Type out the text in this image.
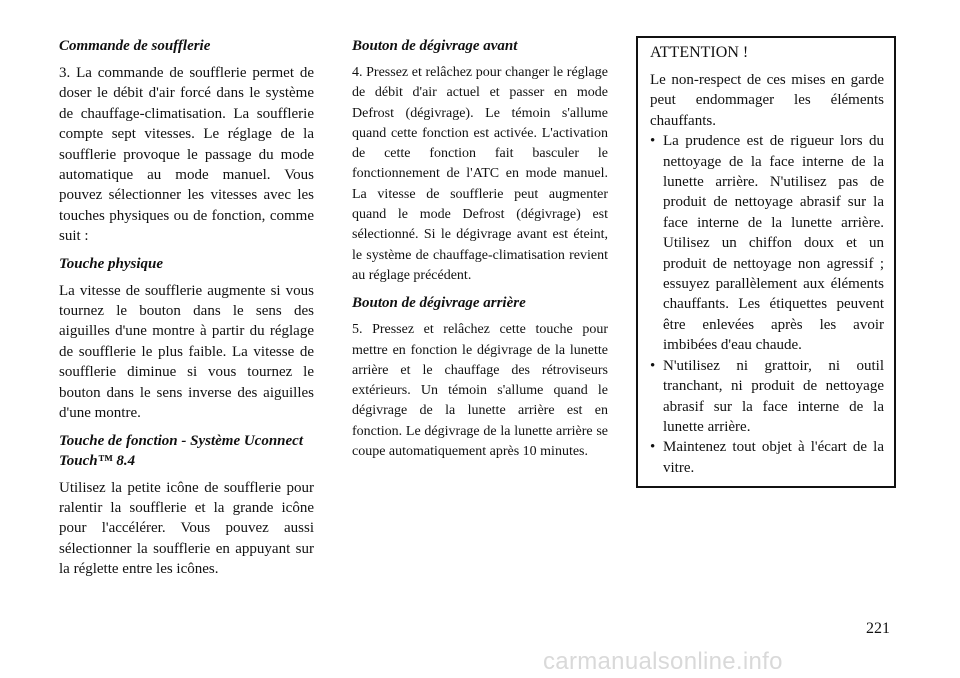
Commande de soufflerie
3. La commande de soufflerie permet de doser le débit d'air forcé dans le système de chauffage-climatisation. La soufflerie compte sept vitesses. Le réglage de la soufflerie provoque le passage du mode automatique au mode manuel. Vous pouvez sélectionner les vitesses avec les touches physiques ou de fonction, comme suit :
Touche physique
La vitesse de soufflerie augmente si vous tournez le bouton dans le sens des aiguilles d'une montre à partir du réglage de soufflerie le plus faible. La vitesse de soufflerie diminue si vous tournez le bouton dans le sens inverse des aiguilles d'une montre.
Touche de fonction - Système Uconnect Touch™ 8.4
Utilisez la petite icône de soufflerie pour ralentir la soufflerie et la grande icône pour l'accélérer. Vous pouvez aussi sélectionner la soufflerie en appuyant sur la réglette entre les icônes.
Bouton de dégivrage avant
4. Pressez et relâchez pour changer le réglage de débit d'air actuel et passer en mode Defrost (dégivrage). Le témoin s'allume quand cette fonction est activée. L'activation de cette fonction fait basculer le fonctionnement de l'ATC en mode manuel. La vitesse de soufflerie peut augmenter quand le mode Defrost (dégivrage) est sélectionné. Si le dégivrage avant est éteint, le système de chauffage-climatisation revient au réglage précédent.
Bouton de dégivrage arrière
5. Pressez et relâchez cette touche pour mettre en fonction le dégivrage de la lunette arrière et le chauffage des rétroviseurs extérieurs. Un témoin s'allume quand le dégivrage de la lunette arrière est en fonction. Le dégivrage de la lunette arrière se coupe automatiquement après 10 minutes.
ATTENTION !
Le non-respect de ces mises en garde peut endommager les éléments chauffants.
• La prudence est de rigueur lors du nettoyage de la face interne de la lunette arrière. N'utilisez pas de produit de nettoyage abrasif sur la face interne de la lunette arrière. Utilisez un chiffon doux et un produit de nettoyage non agressif ; essuyez parallèlement aux éléments chauffants. Les étiquettes peuvent être enlevées après les avoir imbibées d'eau chaude.
• N'utilisez ni grattoir, ni outil tranchant, ni produit de nettoyage abrasif sur la face interne de la lunette arrière.
• Maintenez tout objet à l'écart de la vitre.
221
carmanualsonline.info
